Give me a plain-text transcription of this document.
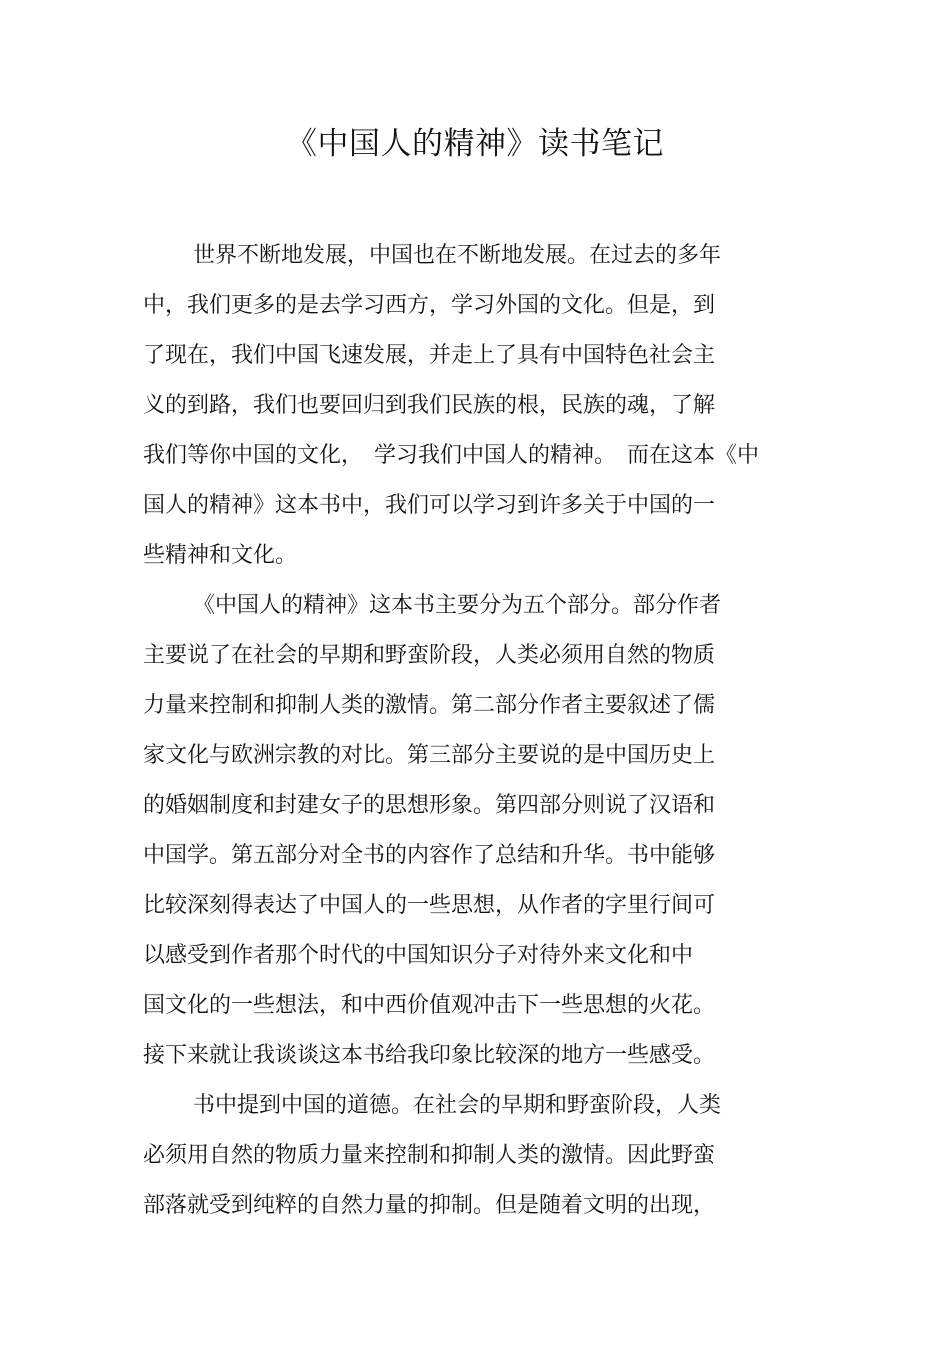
《中国人的精神》读书笔记
世界不断地发展，中国也在不断地发展。在过去的多年
中，我们更多的是去学习西方，学习外国的文化。但是，到
了现在，我们中国飞速发展，并走上了具有中国特色社会主
义的到路，我们也要回归到我们民族的根，民族的魂，了解
我们等你中国的文化，　学习我们中国人的精神。　而在这本《中
国人的精神》这本书中，我们可以学习到许多关于中国的一
些精神和文化。
《中国人的精神》这本书主要分为五个部分。部分作者
主要说了在社会的早期和野蛮阶段，人类必须用自然的物质
力量来控制和抑制人类的激情。第二部分作者主要叙述了儒
家文化与欧洲宗教的对比。第三部分主要说的是中国历史上
的婚姻制度和封建女子的思想形象。第四部分则说了汉语和
中国学。第五部分对全书的内容作了总结和升华。书中能够
比较深刻得表达了中国人的一些思想，从作者的字里行间可
以感受到作者那个时代的中国知识分子对待外来文化和中
国文化的一些想法，和中西价值观冲击下一些思想的火花。
接下来就让我谈谈这本书给我印象比较深的地方一些感受。
书中提到中国的道德。在社会的早期和野蛮阶段，人类
必须用自然的物质力量来控制和抑制人类的激情。因此野蛮
部落就受到纯粹的自然力量的抑制。但是随着文明的出现，
